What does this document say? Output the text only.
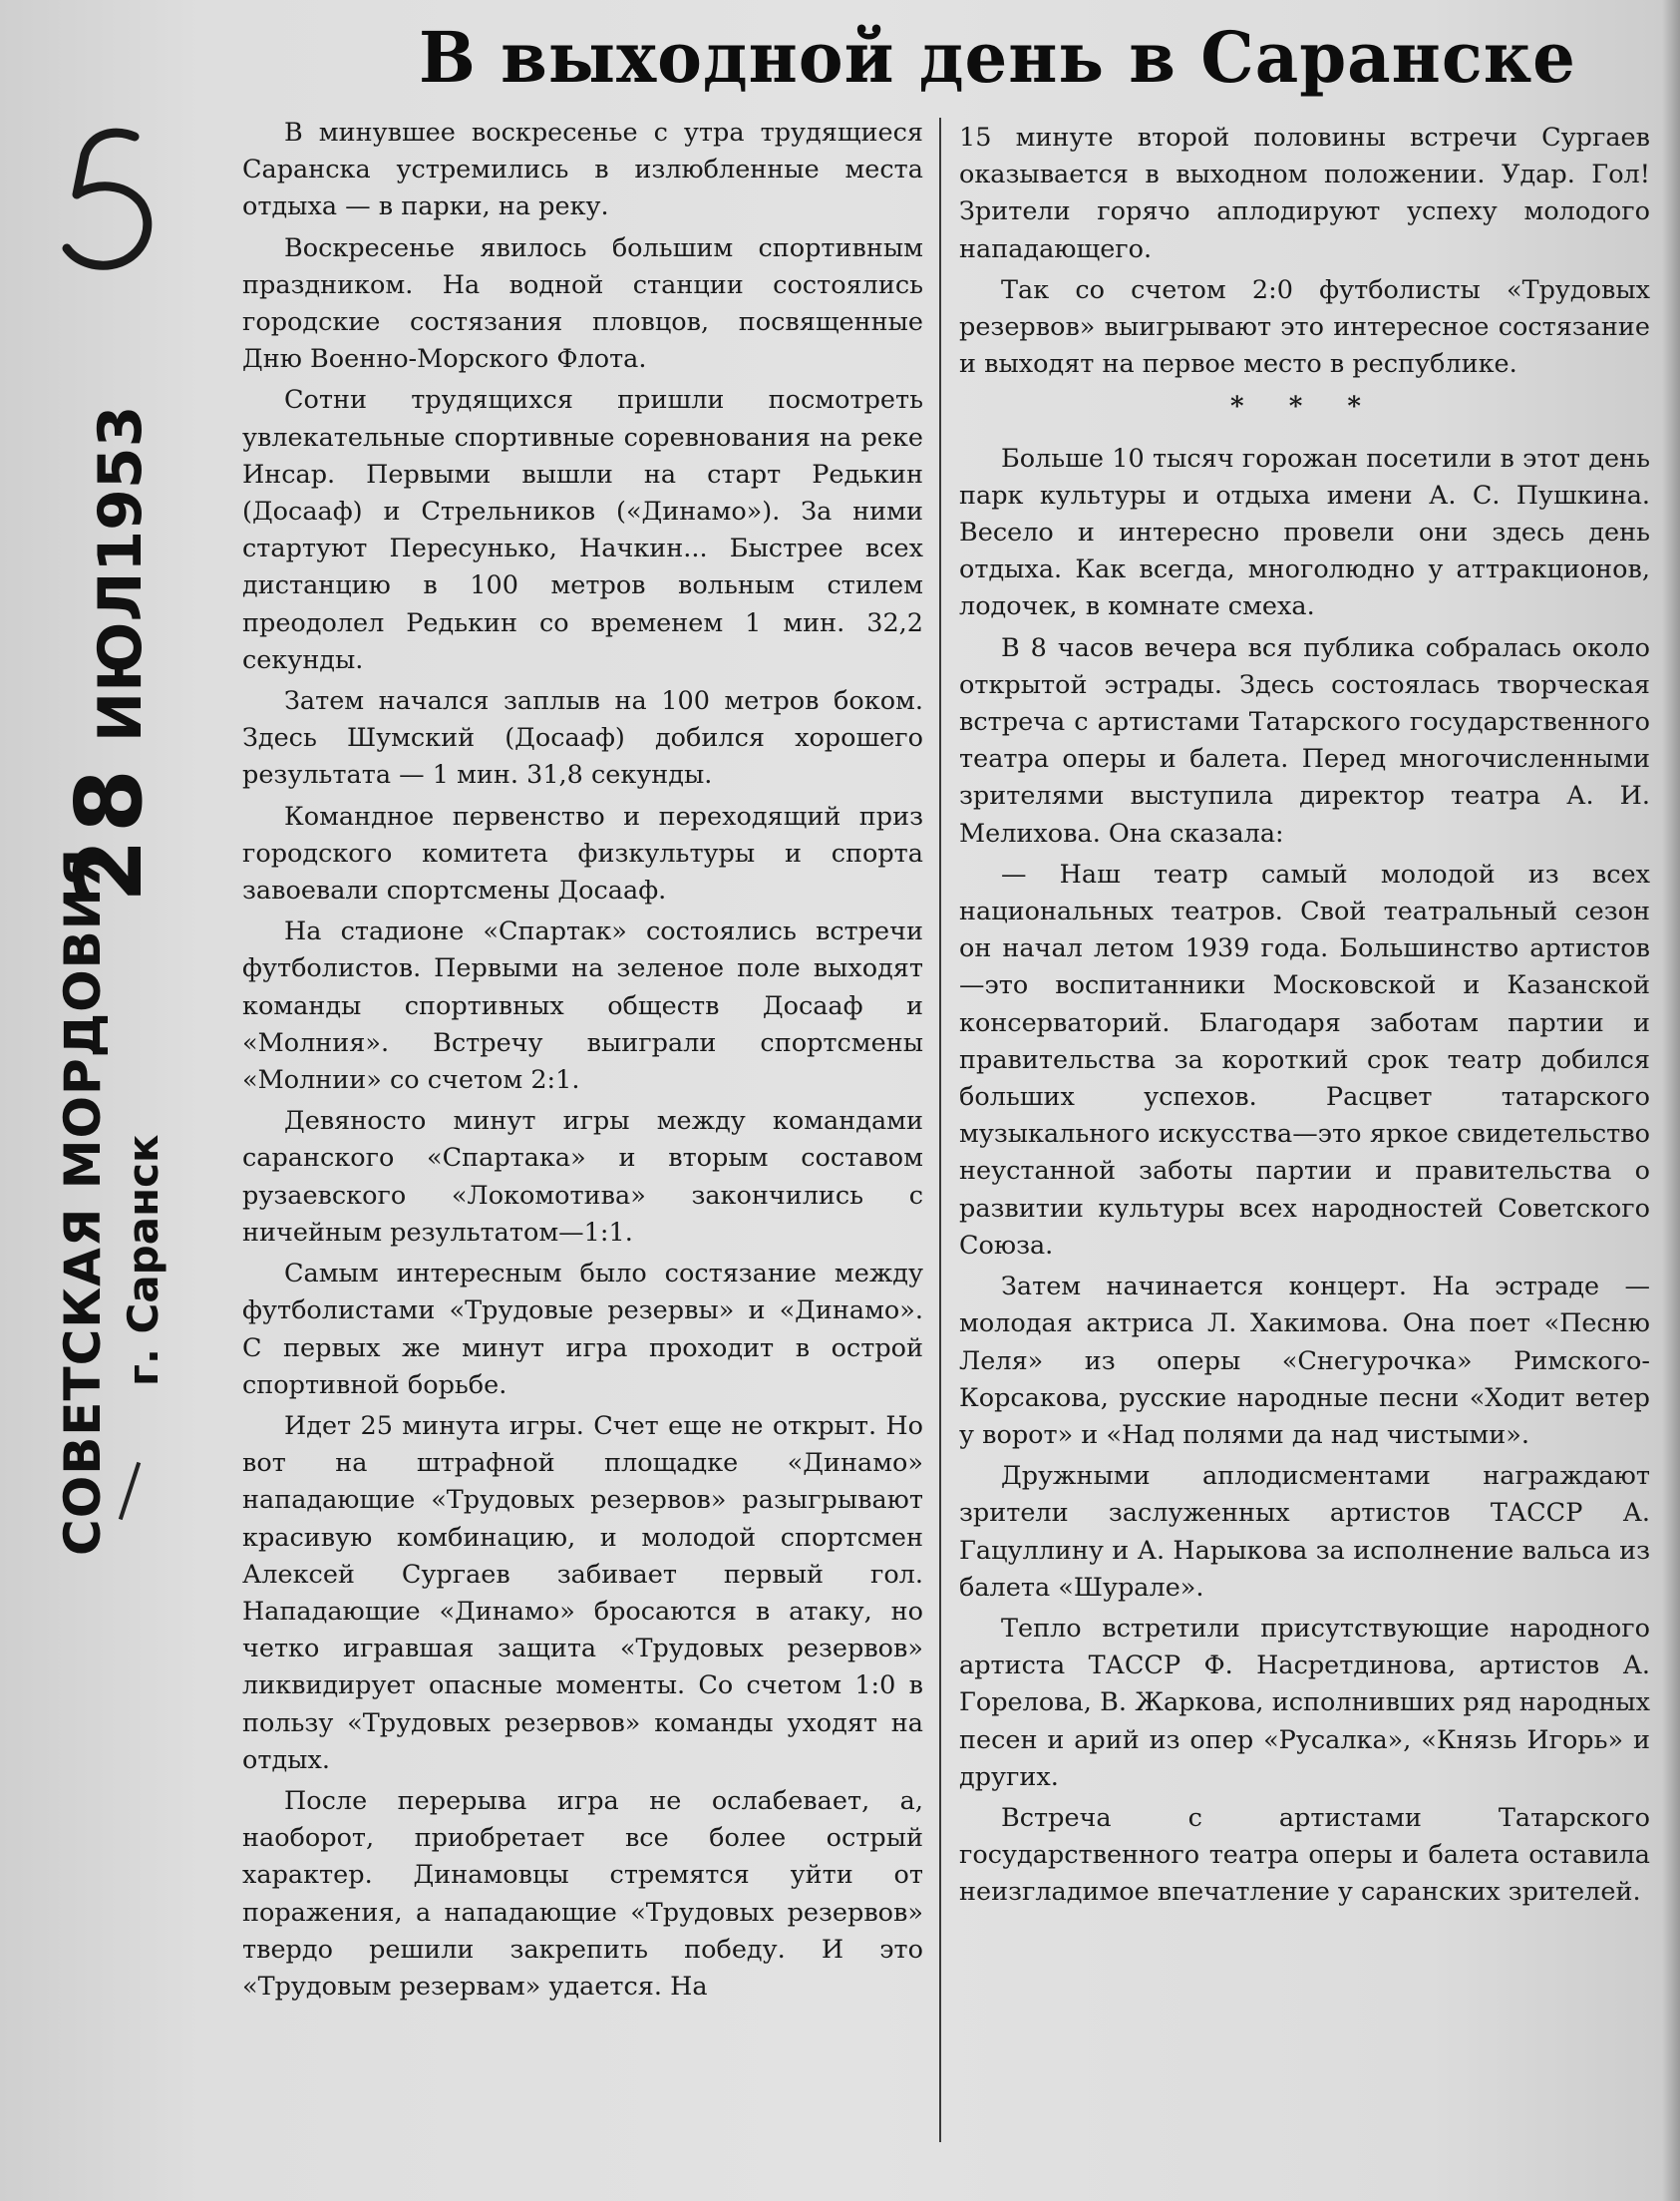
В выходной день в Саранске
5
28 ИЮЛ1953
СОВЕТСКАЯ МОРДОВИЯ г. Саранск

В минувшее воскресенье с утра трудящиеся Саранска устремились в излюбленные места отдыха — в парки, на реку.

Воскресенье явилось большим спортивным праздником. На водной станции состоялись городские состязания пловцов, посвященные Дню Военно-Морского Флота.

Сотни трудящихся пришли посмотреть увлекательные спортивные соревнования на реке Инсар. Первыми вышли на старт Редькин (Досааф) и Стрельников («Динамо»). За ними стартуют Пересунько, Начкин... Быстрее всех дистанцию в 100 метров вольным стилем преодолел Редькин со временем 1 мин. 32,2 секунды.

Затем начался заплыв на 100 метров боком. Здесь Шумский (Досааф) добился хорошего результата — 1 мин. 31,8 секунды.

Командное первенство и переходящий приз городского комитета физкультуры и спорта завоевали спортсмены Досааф.

На стадионе «Спартак» состоялись встречи футболистов. Первыми на зеленое поле выходят команды спортивных обществ Досааф и «Молния». Встречу выиграли спортсмены «Молнии» со счетом 2:1.

Девяносто минут игры между командами саранского «Спартака» и вторым составом рузаевского «Локомотива» закончились с ничейным результатом—1:1.

Самым интересным было состязание между футболистами «Трудовые резервы» и «Динамо». С первых же минут игра проходит в острой спортивной борьбе.

Идет 25 минута игры. Счет еще не открыт. Но вот на штрафной площадке «Динамо» нападающие «Трудовых резервов» разыгрывают красивую комбинацию, и молодой спортсмен Алексей Сургаев забивает первый гол. Нападающие «Динамо» бросаются в атаку, но четко игравшая защита «Трудовых резервов» ликвидирует опасные моменты. Со счетом 1:0 в пользу «Трудовых резервов» команды уходят на отдых.

После перерыва игра не ослабевает, а, наоборот, приобретает все более острый характер. Динамовцы стремятся уйти от поражения, а нападающие «Трудовых резервов» твердо решили закрепить победу. И это «Трудовым резервам» удается. На

15 минуте второй половины встречи Сургаев оказывается в выходном положении. Удар. Гол! Зрители горячо аплодируют успеху молодого нападающего.

Так со счетом 2:0 футболисты «Трудовых резервов» выигрывают это интересное состязание и выходят на первое место в республике.

* * *

Больше 10 тысяч горожан посетили в этот день парк культуры и отдыха имени А. С. Пушкина. Весело и интересно провели они здесь день отдыха. Как всегда, многолюдно у аттракционов, лодочек, в комнате смеха.

В 8 часов вечера вся публика собралась около открытой эстрады. Здесь состоялась творческая встреча с артистами Татарского государственного театра оперы и балета. Перед многочисленными зрителями выступила директор театра А. И. Мелихова. Она сказала:

— Наш театр самый молодой из всех национальных театров. Свой театральный сезон он начал летом 1939 года. Большинство артистов—это воспитанники Московской и Казанской консерваторий. Благодаря заботам партии и правительства за короткий срок театр добился больших успехов. Расцвет татарского музыкального искусства—это яркое свидетельство неустанной заботы партии и правительства о развитии культуры всех народностей Советского Союза.

Затем начинается концерт. На эстраде — молодая актриса Л. Хакимова. Она поет «Песню Леля» из оперы «Снегурочка» Римского-Корсакова, русские народные песни «Ходит ветер у ворот» и «Над полями да над чистыми».

Дружными аплодисментами награждают зрители заслуженных артистов ТАССР А. Гацуллину и А. Нарыкова за исполнение вальса из балета «Шурале».

Тепло встретили присутствующие народного артиста ТАССР Ф. Насретдинова, артистов А. Горелова, В. Жаркова, исполнивших ряд народных песен и арий из опер «Русалка», «Князь Игорь» и других.

Встреча с артистами Татарского государственного театра оперы и балета оставила неизгладимое впечатление у саранских зрителей.
